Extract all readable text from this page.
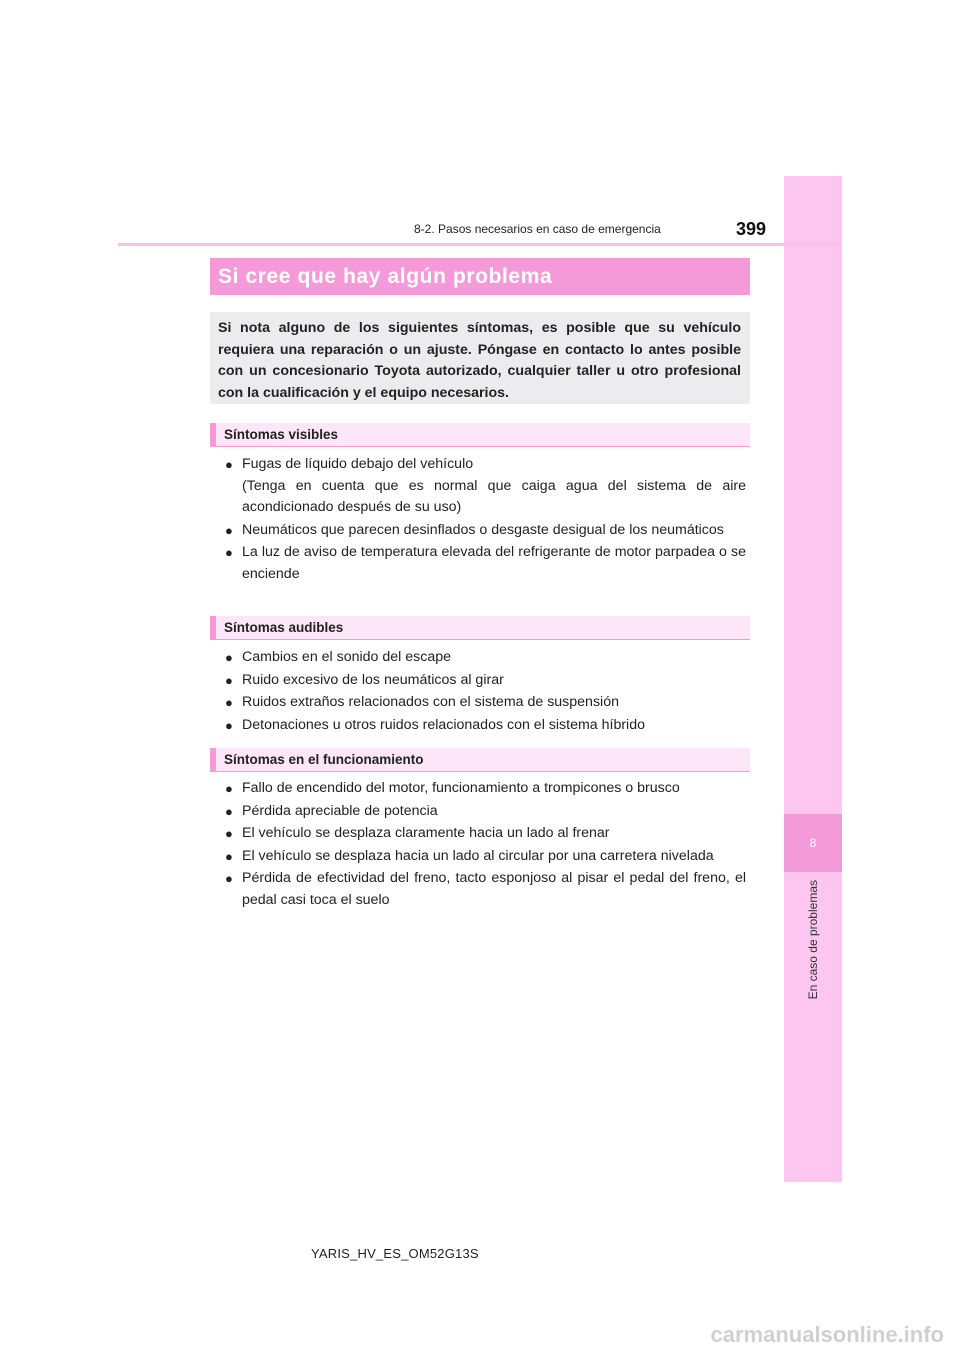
8
En caso de problemas
8-2. Pasos necesarios en caso de emergencia	399
Si cree que hay algún problema
Si nota alguno de los siguientes síntomas, es posible que su vehículo requiera una reparación o un ajuste. Póngase en contacto lo antes posible con un concesionario Toyota autorizado, cualquier taller u otro profesional con la cualificación y el equipo necesarios.
Síntomas visibles
● Fugas de líquido debajo del vehículo
(Tenga en cuenta que es normal que caiga agua del sistema de aire acondicionado después de su uso)
● Neumáticos que parecen desinflados o desgaste desigual de los neumáticos
● La luz de aviso de temperatura elevada del refrigerante de motor parpadea o se enciende
Síntomas audibles
● Cambios en el sonido del escape
● Ruido excesivo de los neumáticos al girar
● Ruidos extraños relacionados con el sistema de suspensión
● Detonaciones u otros ruidos relacionados con el sistema híbrido
Síntomas en el funcionamiento
● Fallo de encendido del motor, funcionamiento a trompicones o brusco
● Pérdida apreciable de potencia
● El vehículo se desplaza claramente hacia un lado al frenar
● El vehículo se desplaza hacia un lado al circular por una carretera nivelada
● Pérdida de efectividad del freno, tacto esponjoso al pisar el pedal del freno, el pedal casi toca el suelo
YARIS_HV_ES_OM52G13S
carmanualsonline.info
